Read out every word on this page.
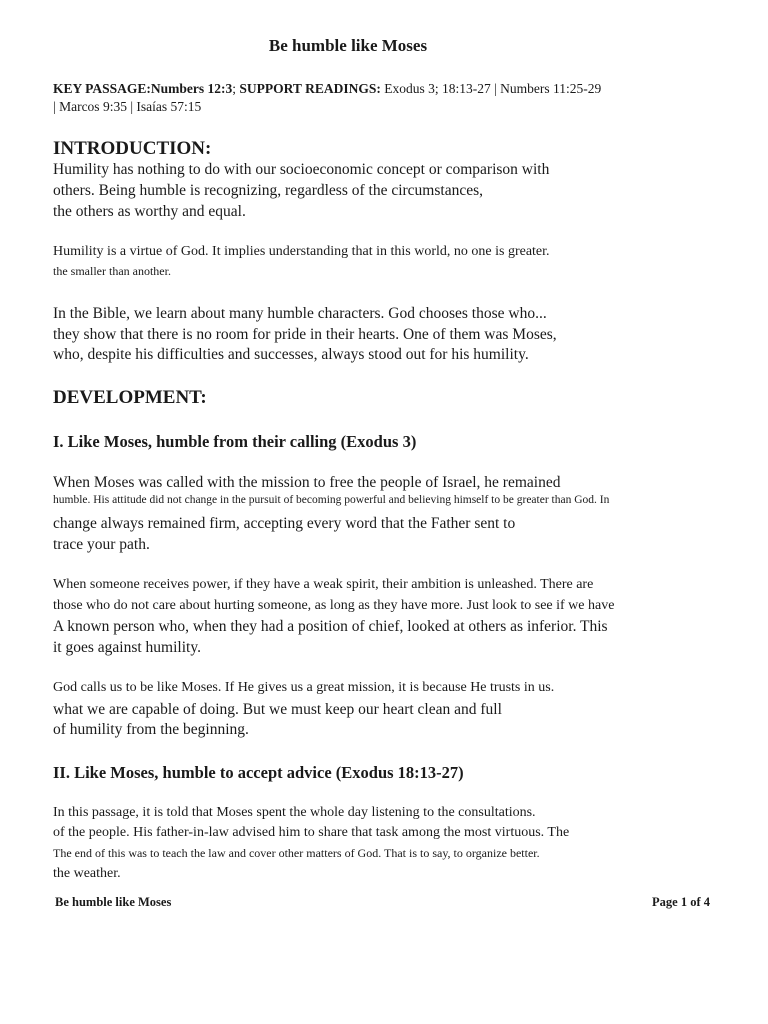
Be humble like Moses
KEY PASSAGE:Numbers 12:3; SUPPORT READINGS: Exodus 3; 18:13-27 | Numbers 11:25-29
| Marcos 9:35 | Isaías 57:15
INTRODUCTION:
Humility has nothing to do with our socioeconomic concept or comparison with
others. Being humble is recognizing, regardless of the circumstances,
the others as worthy and equal.
Humility is a virtue of God. It implies understanding that in this world, no one is greater.
the smaller than another.
In the Bible, we learn about many humble characters. God chooses those who...
they show that there is no room for pride in their hearts. One of them was Moses,
who, despite his difficulties and successes, always stood out for his humility.
DEVELOPMENT:
I. Like Moses, humble from their calling (Exodus 3)
When Moses was called with the mission to free the people of Israel, he remained
humble. His attitude did not change in the pursuit of becoming powerful and believing himself to be greater than God. In
change always remained firm, accepting every word that the Father sent to
trace your path.
When someone receives power, if they have a weak spirit, their ambition is unleashed. There are
those who do not care about hurting someone, as long as they have more. Just look to see if we have
A known person who, when they had a position of chief, looked at others as inferior. This
it goes against humility.
God calls us to be like Moses. If He gives us a great mission, it is because He trusts in us.
what we are capable of doing. But we must keep our heart clean and full
of humility from the beginning.
II. Like Moses, humble to accept advice (Exodus 18:13-27)
In this passage, it is told that Moses spent the whole day listening to the consultations.
of the people. His father-in-law advised him to share that task among the most virtuous. The
The end of this was to teach the law and cover other matters of God. That is to say, to organize better.
the weather.
Be humble like Moses	Page 1 of 4
